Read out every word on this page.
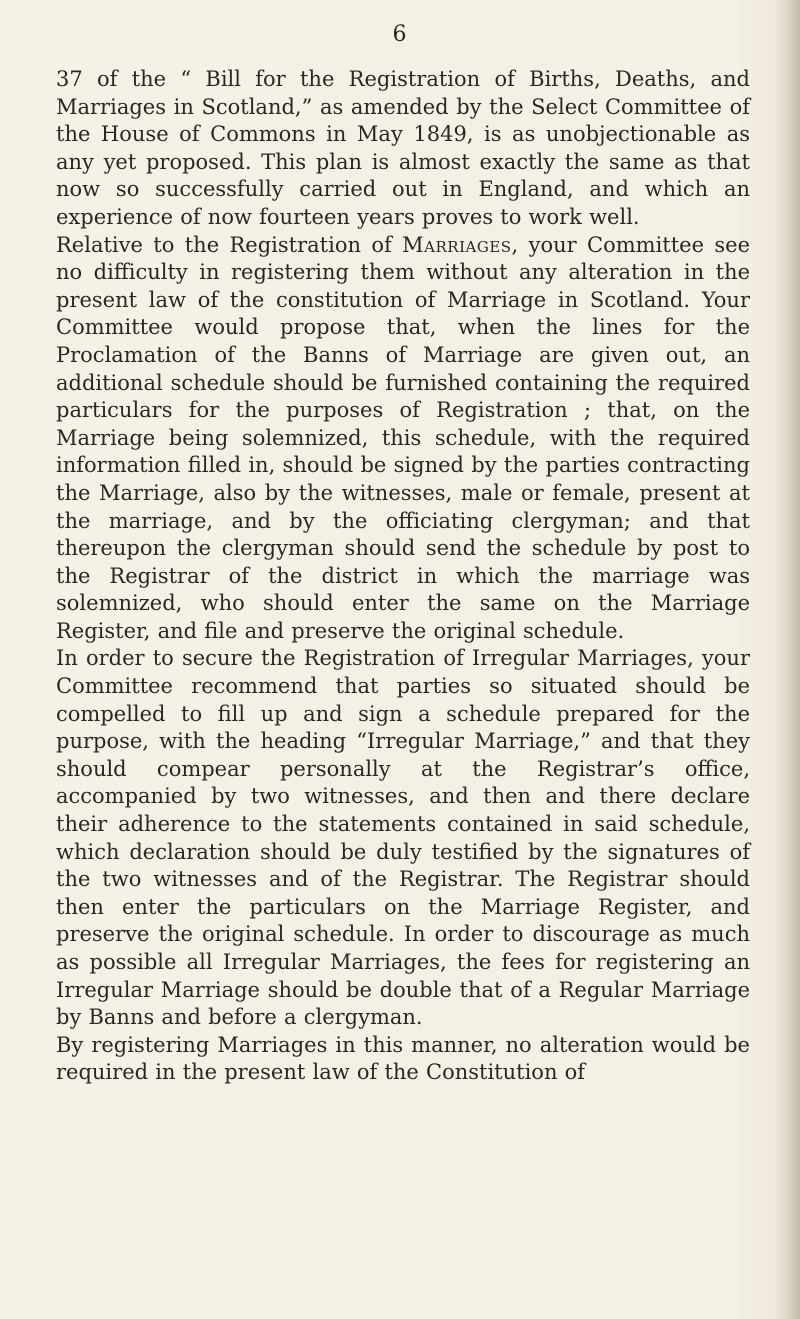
6

37 of the “ Bill for the Registration of Births, Deaths, and Marriages in Scotland,” as amended by the Select Committee of the House of Commons in May 1849, is as unobjectionable as any yet proposed. This plan is almost exactly the same as that now so successfully carried out in England, and which an experience of now fourteen years proves to work well.

Relative to the Registration of Marriages, your Committee see no difficulty in registering them without any alteration in the present law of the constitution of Marriage in Scotland. Your Committee would propose that, when the lines for the Proclamation of the Banns of Marriage are given out, an additional schedule should be furnished containing the required particulars for the purposes of Registration ; that, on the Marriage being solemnized, this schedule, with the required information filled in, should be signed by the parties contracting the Marriage, also by the witnesses, male or female, present at the marriage, and by the officiating clergyman; and that thereupon the clergyman should send the schedule by post to the Registrar of the district in which the marriage was solemnized, who should enter the same on the Marriage Register, and file and preserve the original schedule.

In order to secure the Registration of Irregular Marriages, your Committee recommend that parties so situated should be compelled to fill up and sign a schedule prepared for the purpose, with the heading “Irregular Marriage,” and that they should compear personally at the Registrar’s office, accompanied by two witnesses, and then and there declare their adherence to the statements contained in said schedule, which declaration should be duly testified by the signatures of the two witnesses and of the Registrar. The Registrar should then enter the particulars on the Marriage Register, and preserve the original schedule. In order to discourage as much as possible all Irregular Marriages, the fees for registering an Irregular Marriage should be double that of a Regular Marriage by Banns and before a clergyman.

By registering Marriages in this manner, no alteration would be required in the present law of the Constitution of
